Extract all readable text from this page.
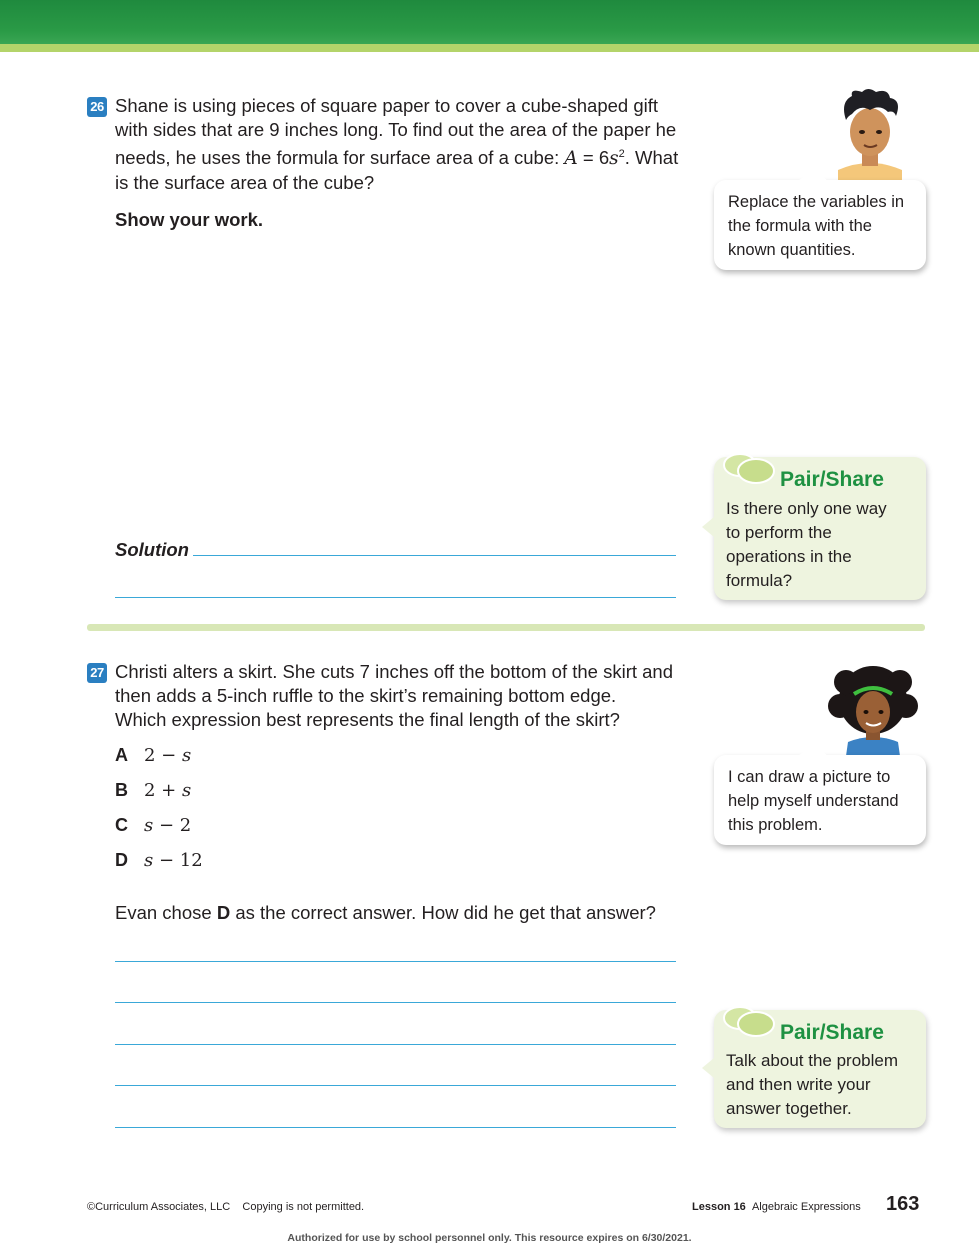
26 Shane is using pieces of square paper to cover a cube-shaped gift
with sides that are 9 inches long. To find out the area of the paper he
needs, he uses the formula for surface area of a cube: $A = 6s^2$. What
is the surface area of the cube?
Show your work.
Replace the variables in
the formula with the
known quantities.
Pair/Share
Is there only one way
to perform the
operations in the
formula?
Solution
27 Christi alters a skirt. She cuts 7 inches off the bottom of the skirt and
then adds a 5-inch ruffle to the skirt’s remaining bottom edge.
Which expression best represents the final length of the skirt?
A 2 − s
B 2 + s
C s − 2
D s − 12
Evan chose D as the correct answer. How did he get that answer?
I can draw a picture to
help myself understand
this problem.
Pair/Share
Talk about the problem
and then write your
answer together.
©Curriculum Associates, LLC    Copying is not permitted.	Lesson 16 Algebraic Expressions 163
Authorized for use by school personnel only. This resource expires on 6/30/2021.
